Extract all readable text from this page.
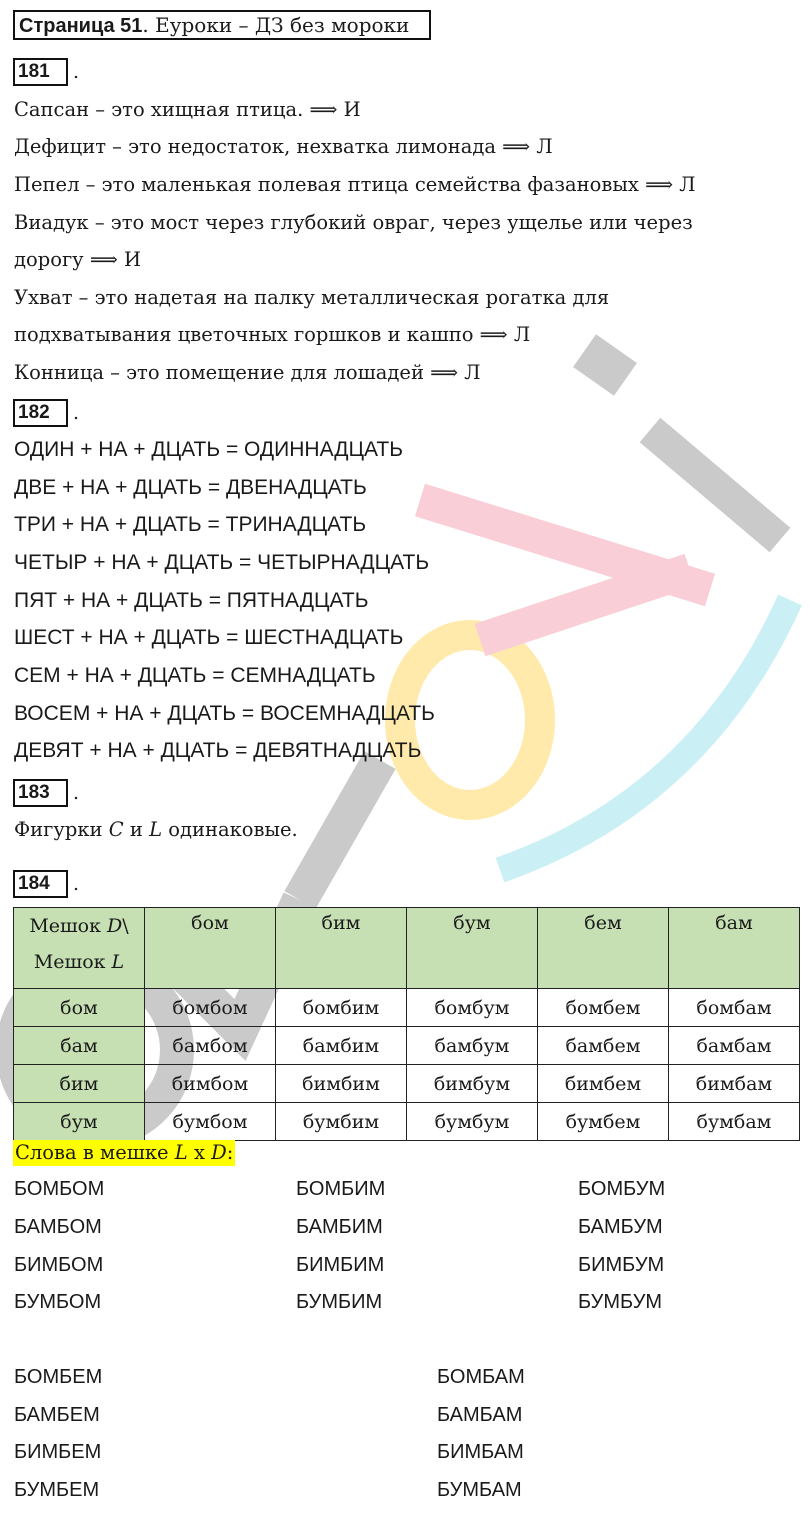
Страница 51. Еуроки – ДЗ без мороки
181 .
Сапсан – это хищная птица. ⟹ И
Дефицит – это недостаток, нехватка лимонада ⟹ Л
Пепел – это маленькая полевая птица семейства фазановых ⟹ Л
Виадук – это мост через глубокий овраг, через ущелье или через
дорогу ⟹ И
Ухват – это надетая на палку металлическая рогатка для
подхватывания цветочных горшков и кашпо ⟹ Л
Конница – это помещение для лошадей ⟹ Л
182 .
ОДИН + НА + ДЦАТЬ = ОДИННАДЦАТЬ
ДВЕ + НА + ДЦАТЬ = ДВЕНАДЦАТЬ
ТРИ + НА + ДЦАТЬ = ТРИНАДЦАТЬ
ЧЕТЫР + НА + ДЦАТЬ = ЧЕТЫРНАДЦАТЬ
ПЯТ + НА + ДЦАТЬ = ПЯТНАДЦАТЬ
ШЕСТ + НА + ДЦАТЬ = ШЕСТНАДЦАТЬ
СЕМ + НА + ДЦАТЬ = СЕМНАДЦАТЬ
ВОСЕМ + НА + ДЦАТЬ = ВОСЕМНАДЦАТЬ
ДЕВЯТ + НА + ДЦАТЬ = ДЕВЯТНАДЦАТЬ
183 .
Фигурки C и L одинаковые.
184 .
Мешок D\
Мешок L	бом	бим	бум	бем	бам
бом	бомбом	бомбим	бомбум	бомбем	бомбам
бам	бамбом	бамбим	бамбум	бамбем	бамбам
бим	бимбом	бимбим	бимбум	бимбем	бимбам
бум	бумбом	бумбим	бумбум	бумбем	бумбам
Слова в мешке L x D:
БОМБОМ	БОМБИМ	БОМБУМ
БАМБОМ	БАМБИМ	БАМБУМ
БИМБОМ	БИМБИМ	БИМБУМ
БУМБОМ	БУМБИМ	БУМБУМ
БОМБЕМ	БОМБАМ
БАМБЕМ	БАМБАМ
БИМБЕМ	БИМБАМ
БУМБЕМ	БУМБАМ
